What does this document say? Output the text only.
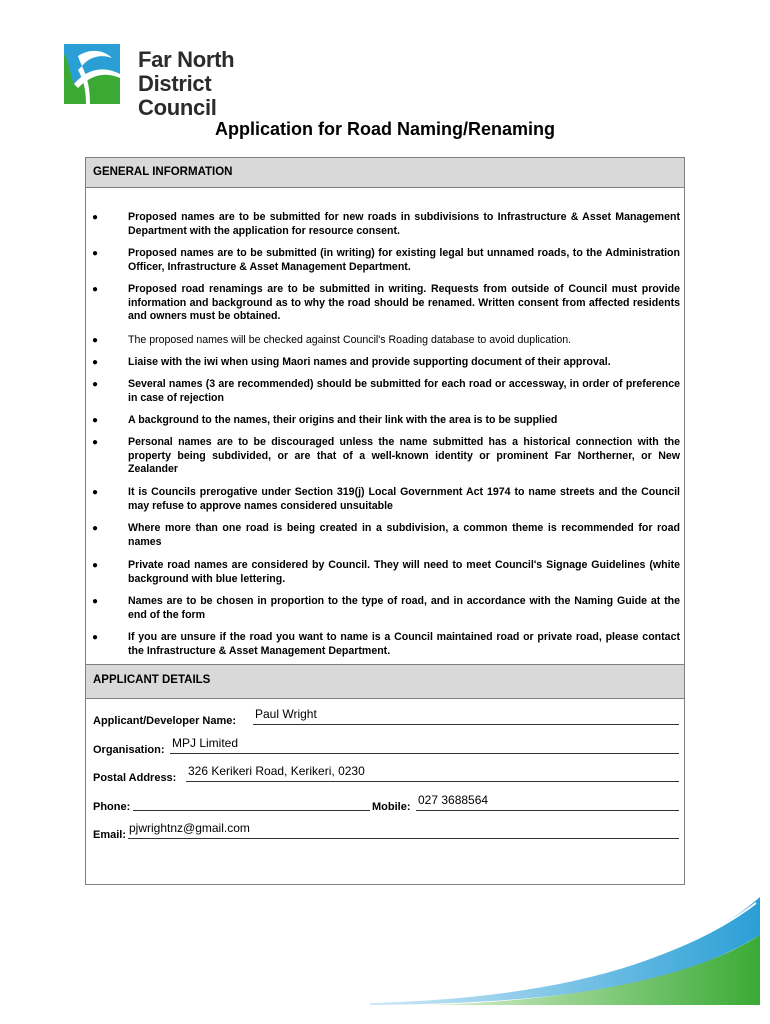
Far North
District Council
Application for Road Naming/Renaming
GENERAL INFORMATION
●	Proposed names are to be submitted for new roads in subdivisions to Infrastructure & Asset Management Department with the application for resource consent.
●	Proposed names are to be submitted (in writing) for existing legal but unnamed roads, to the Administration Officer, Infrastructure & Asset Management Department.
●	Proposed road renamings are to be submitted in writing. Requests from outside of Council must provide information and background as to why the road should be renamed. Written consent from affected residents and owners must be obtained.
●	The proposed names will be checked against Council's Roading database to avoid duplication.
●	Liaise with the iwi when using Maori names and provide supporting document of their approval.
●	Several names (3 are recommended) should be submitted for each road or accessway, in order of preference in case of rejection
●	A background to the names, their origins and their link with the area is to be supplied
●	Personal names are to be discouraged unless the name submitted has a historical connection with the property being subdivided, or are that of a well-known identity or prominent Far Northerner, or New Zealander
●	It is Councils prerogative under Section 319(j) Local Government Act 1974 to name streets and the Council may refuse to approve names considered unsuitable
●	Where more than one road is being created in a subdivision, a common theme is recommended for road names
●	Private road names are considered by Council. They will need to meet Council's Signage Guidelines (white background with blue lettering.
●	Names are to be chosen in proportion to the type of road, and in accordance with the Naming Guide at the end of the form
●	If you are unsure if the road you want to name is a Council maintained road or private road, please contact the Infrastructure & Asset Management Department.
APPLICANT DETAILS
Applicant/Developer Name: Paul Wright
Organisation: MPJ Limited
Postal Address: 326 Kerikeri Road, Kerikeri, 0230
Phone:	Mobile: 027 3688564
Email: pjwrightnz@gmail.com
